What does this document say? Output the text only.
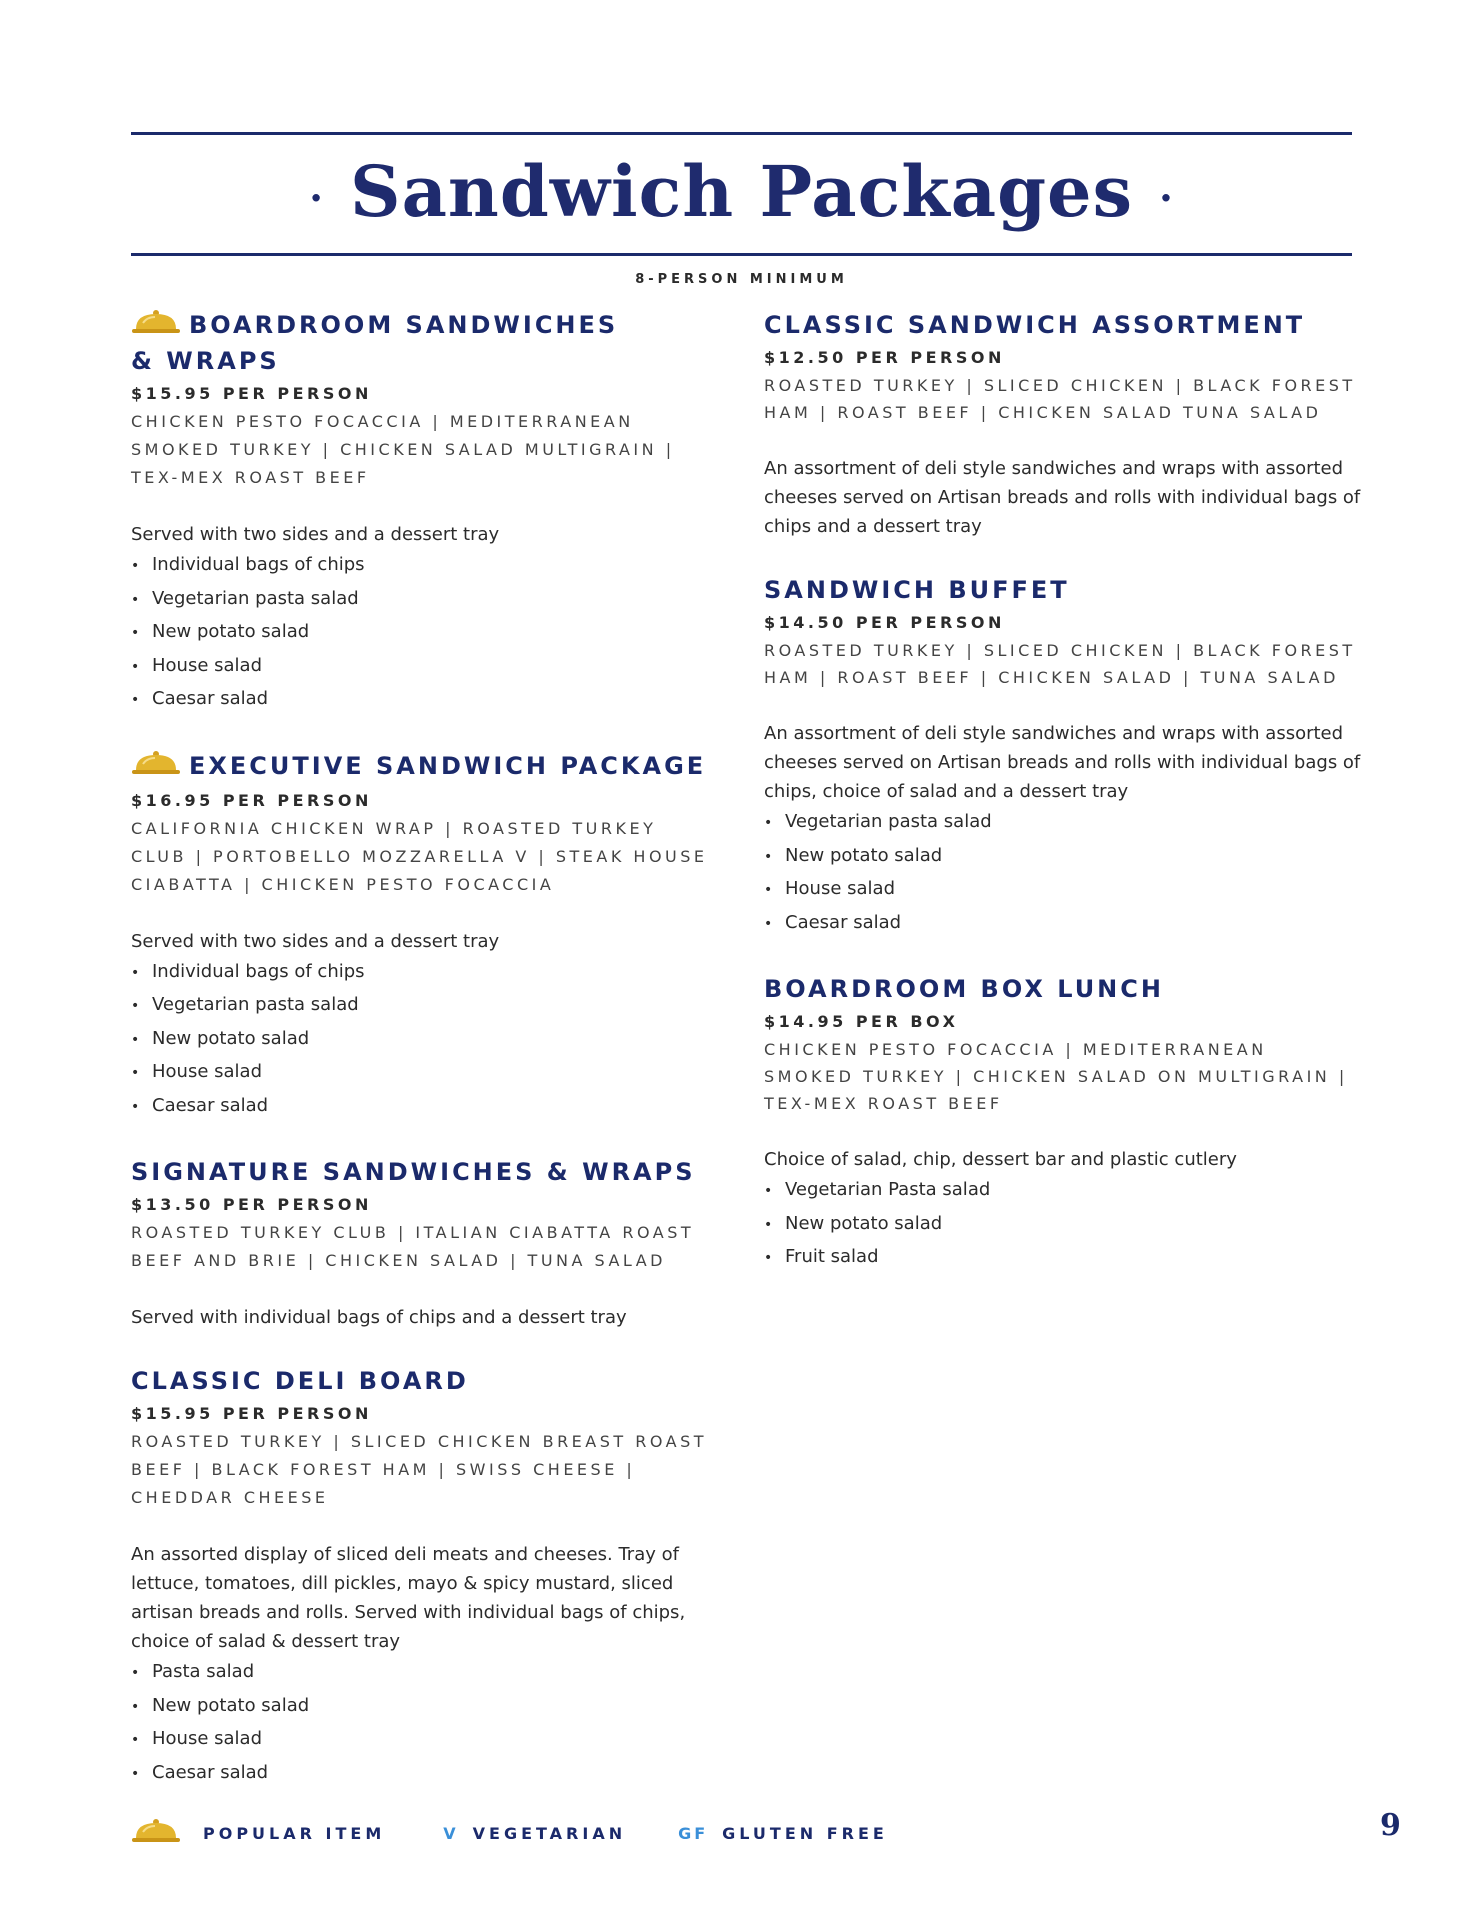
· Sandwich Packages ·
8-PERSON MINIMUM
BOARDROOM SANDWICHES
& WRAPS
$15.95 PER PERSON
CHICKEN PESTO FOCACCIA | MEDITERRANEAN SMOKED TURKEY | CHICKEN SALAD MULTIGRAIN | TEX-MEX ROAST BEEF
Served with two sides and a dessert tray
• Individual bags of chips
• Vegetarian pasta salad
• New potato salad
• House salad
• Caesar salad
EXECUTIVE SANDWICH PACKAGE
$16.95 PER PERSON
CALIFORNIA CHICKEN WRAP | ROASTED TURKEY CLUB | PORTOBELLO MOZZARELLA V | STEAK HOUSE CIABATTA | CHICKEN PESTO FOCACCIA
Served with two sides and a dessert tray
• Individual bags of chips
• Vegetarian pasta salad
• New potato salad
• House salad
• Caesar salad
SIGNATURE SANDWICHES & WRAPS
$13.50 PER PERSON
ROASTED TURKEY CLUB | ITALIAN CIABATTA ROAST BEEF AND BRIE | CHICKEN SALAD | TUNA SALAD
Served with individual bags of chips and a dessert tray
CLASSIC DELI BOARD
$15.95 PER PERSON
ROASTED TURKEY | SLICED CHICKEN BREAST ROAST BEEF | BLACK FOREST HAM | SWISS CHEESE | CHEDDAR CHEESE
An assorted display of sliced deli meats and cheeses. Tray of lettuce, tomatoes, dill pickles, mayo & spicy mustard, sliced artisan breads and rolls. Served with individual bags of chips, choice of salad & dessert tray
• Pasta salad
• New potato salad
• House salad
• Caesar salad
CLASSIC SANDWICH ASSORTMENT
$12.50 PER PERSON
ROASTED TURKEY | SLICED CHICKEN | BLACK FOREST HAM | ROAST BEEF | CHICKEN SALAD TUNA SALAD
An assortment of deli style sandwiches and wraps with assorted cheeses served on Artisan breads and rolls with individual bags of chips and a dessert tray
SANDWICH BUFFET
$14.50 PER PERSON
ROASTED TURKEY | SLICED CHICKEN | BLACK FOREST HAM | ROAST BEEF | CHICKEN SALAD | TUNA SALAD
An assortment of deli style sandwiches and wraps with assorted cheeses served on Artisan breads and rolls with individual bags of chips, choice of salad and a dessert tray
• Vegetarian pasta salad
• New potato salad
• House salad
• Caesar salad
BOARDROOM BOX LUNCH
$14.95 PER BOX
CHICKEN PESTO FOCACCIA | MEDITERRANEAN SMOKED TURKEY | CHICKEN SALAD ON MULTIGRAIN | TEX-MEX ROAST BEEF
Choice of salad, chip, dessert bar and plastic cutlery
• Vegetarian Pasta salad
• New potato salad
• Fruit salad
POPULAR ITEM	V VEGETARIAN	GF GLUTEN FREE	9
